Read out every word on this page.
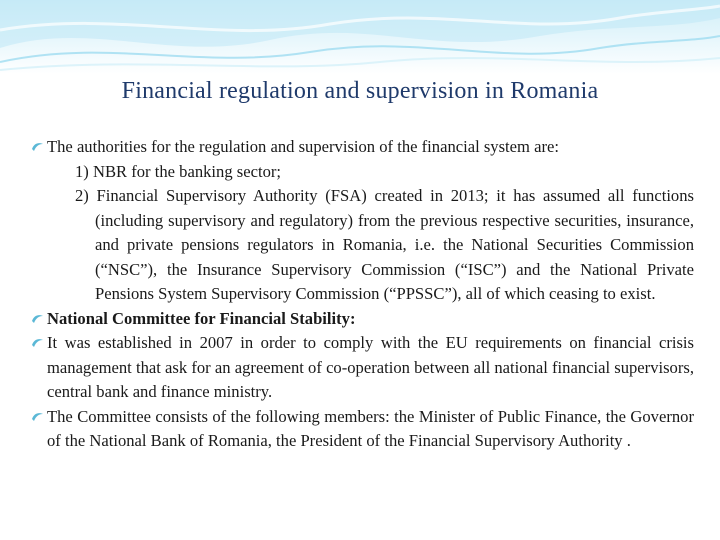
Financial regulation and supervision in Romania
The authorities for the regulation and supervision of the financial system are:
1) NBR for the banking sector;
2) Financial Supervisory Authority (FSA) created in 2013; it has assumed all functions (including supervisory and regulatory) from the previous respective securities, insurance, and private pensions regulators in Romania, i.e. the National Securities Commission (“NSC”), the Insurance Supervisory Commission (“ISC”) and the National Private Pensions System Supervisory Commission (“PPSSC”), all of which ceasing to exist.
National Committee for Financial Stability:
It was established in 2007 in order to comply with the EU requirements on financial crisis management that ask for an agreement of co-operation between all national financial supervisors, central bank and finance ministry.
The Committee consists of the following members: the Minister of Public Finance, the Governor of the National Bank of Romania, the President of the Financial Supervisory Authority .
